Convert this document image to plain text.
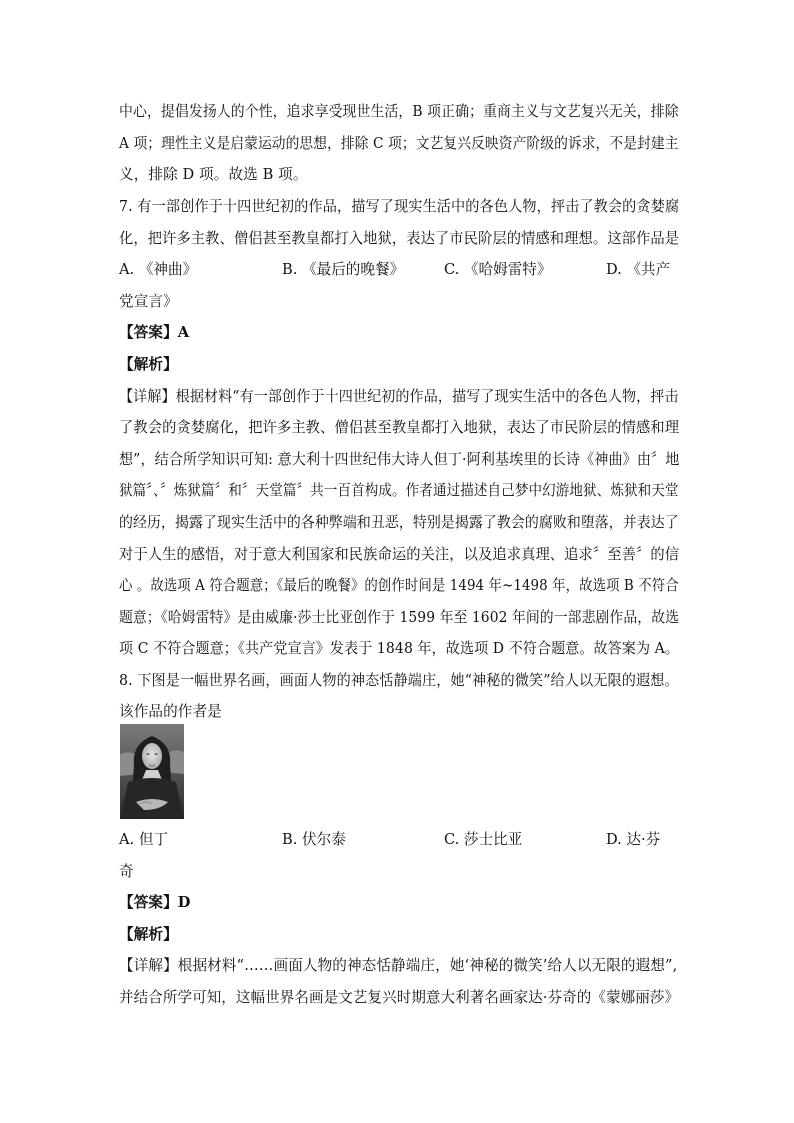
中心，提倡发扬人的个性，追求享受现世生活，B 项正确；重商主义与文艺复兴无关，排除
A 项；理性主义是启蒙运动的思想，排除 C 项；文艺复兴反映资产阶级的诉求，不是封建主
义，排除 D 项。故选 B 项。
7. 有一部创作于十四世纪初的作品，描写了现实生活中的各色人物，抨击了教会的贪婪腐
化，把许多主教、僧侣甚至教皇都打入地狱，表达了市民阶层的情感和理想。这部作品是
A. 《神曲》	B. 《最后的晚餐》	C. 《哈姆雷特》	D. 《共产
党宣言》
【答案】A
【解析】
【详解】根据材料“有一部创作于十四世纪初的作品，描写了现实生活中的各色人物，抨击
了教会的贪婪腐化，把许多主教、僧侣甚至教皇都打入地狱，表达了市民阶层的情感和理
想”，结合所学知识可知: 意大利十四世纪伟大诗人但丁·阿利基埃里的长诗《神曲》由〞地
狱篇〞、〞炼狱篇〞和〞天堂篇〞共一百首构成。作者通过描述自己梦中幻游地狱、炼狱和天堂
的经历，揭露了现实生活中的各种弊端和丑恶，特别是揭露了教会的腐败和堕落，并表达了
对于人生的感悟，对于意大利国家和民族命运的关注，以及追求真理、追求〞至善〞的信
心 。故选项 A 符合题意；《最后的晚餐》的创作时间是 1494 年~1498 年，故选项 B 不符合
题意；《哈姆雷特》是由威廉·莎士比亚创作于 1599 年至 1602 年间的一部悲剧作品，故选
项 C 不符合题意；《共产党宣言》发表于 1848 年，故选项 D 不符合题意。故答案为 A。
8. 下图是一幅世界名画，画面人物的神态恬静端庄，她“神秘的微笑”给人以无限的遐想。
该作品的作者是
A. 但丁	B. 伏尔泰	C. 莎士比亚	D. 达·芬
奇
【答案】D
【解析】
【详解】根据材料“……画面人物的神态恬静端庄，她‘神秘的微笑’给人以无限的遐想”,
并结合所学可知，这幅世界名画是文艺复兴时期意大利著名画家达·芬奇的《蒙娜丽莎》
